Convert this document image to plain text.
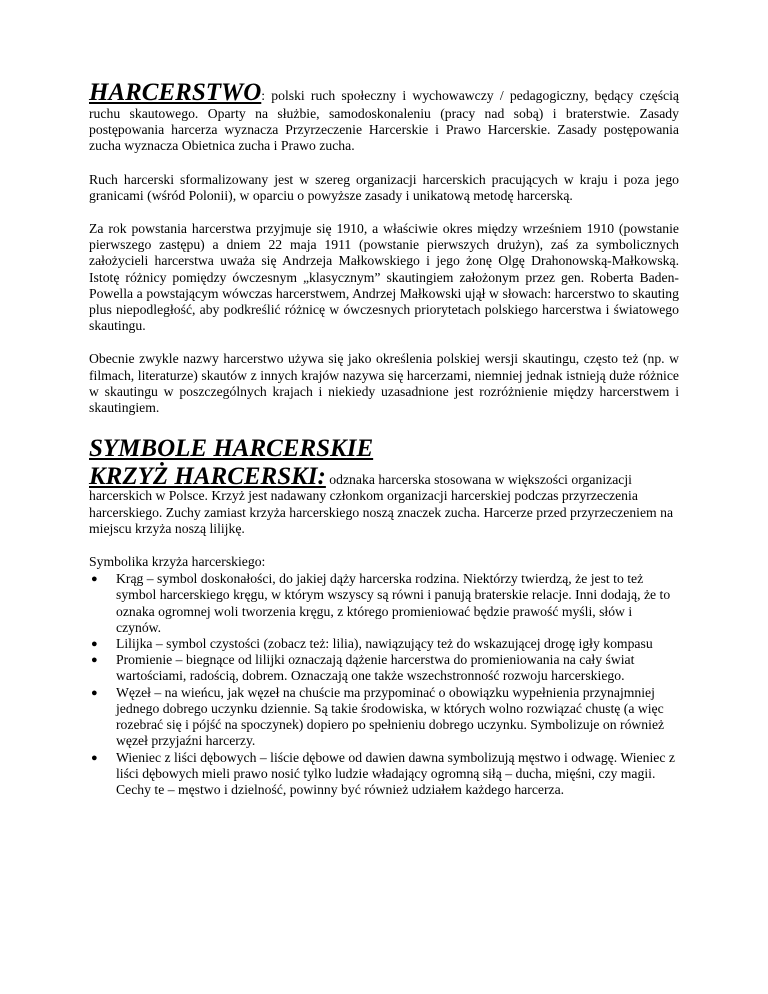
HARCERSTWO: polski ruch społeczny i wychowawczy / pedagogiczny, będący częścią ruchu skautowego. Oparty na służbie, samodoskonaleniu (pracy nad sobą) i braterstwie. Zasady postępowania harcerza wyznacza Przyrzeczenie Harcerskie i Prawo Harcerskie. Zasady postępowania zucha wyznacza Obietnica zucha i Prawo zucha.

Ruch harcerski sformalizowany jest w szereg organizacji harcerskich pracujących w kraju i poza jego granicami (wśród Polonii), w oparciu o powyższe zasady i unikatową metodę harcerską.

Za rok powstania harcerstwa przyjmuje się 1910, a właściwie okres między wrześniem 1910 (powstanie pierwszego zastępu) a dniem 22 maja 1911 (powstanie pierwszych drużyn), zaś za symbolicznych założycieli harcerstwa uważa się Andrzeja Małkowskiego i jego żonę Olgę Drahonowską-Małkowską. Istotę różnicy pomiędzy ówczesnym „klasycznym” skautingiem założonym przez gen. Roberta Baden-Powella a powstającym wówczas harcerstwem, Andrzej Małkowski ujął w słowach: harcerstwo to skauting plus niepodległość, aby podkreślić różnicę w ówczesnych priorytetach polskiego harcerstwa i światowego skautingu.

Obecnie zwykle nazwy harcerstwo używa się jako określenia polskiej wersji skautingu, często też (np. w filmach, literaturze) skautów z innych krajów nazywa się harcerzami, niemniej jednak istnieją duże różnice w skautingu w poszczególnych krajach i niekiedy uzasadnione jest rozróżnienie między harcerstwem i skautingiem.

SYMBOLE HARCERSKIE

KRZYŻ HARCERSKI: odznaka harcerska stosowana w większości organizacji harcerskich w Polsce. Krzyż jest nadawany członkom organizacji harcerskiej podczas przyrzeczenia harcerskiego. Zuchy zamiast krzyża harcerskiego noszą znaczek zucha. Harcerze przed przyrzeczeniem na miejscu krzyża noszą lilijkę.

Symbolika krzyża harcerskiego:

● Krąg – symbol doskonałości, do jakiej dąży harcerska rodzina. Niektórzy twierdzą, że jest to też symbol harcerskiego kręgu, w którym wszyscy są równi i panują braterskie relacje. Inni dodają, że to oznaka ogromnej woli tworzenia kręgu, z którego promieniować będzie prawość myśli, słów i czynów.
● Lilijka – symbol czystości (zobacz też: lilia), nawiązujący też do wskazującej drogę igły kompasu
● Promienie – biegnące od lilijki oznaczają dążenie harcerstwa do promieniowania na cały świat wartościami, radością, dobrem. Oznaczają one także wszechstronność rozwoju harcerskiego.
● Węzeł – na wieńcu, jak węzeł na chuście ma przypominać o obowiązku wypełnienia przynajmniej jednego dobrego uczynku dziennie. Są takie środowiska, w których wolno rozwiązać chustę (a więc rozebrać się i pójść na spoczynek) dopiero po spełnieniu dobrego uczynku. Symbolizuje on również węzeł przyjaźni harcerzy.
● Wieniec z liści dębowych – liście dębowe od dawien dawna symbolizują męstwo i odwagę. Wieniec z liści dębowych mieli prawo nosić tylko ludzie władający ogromną siłą – ducha, mięśni, czy magii. Cechy te – męstwo i dzielność, powinny być również udziałem każdego harcerza.
